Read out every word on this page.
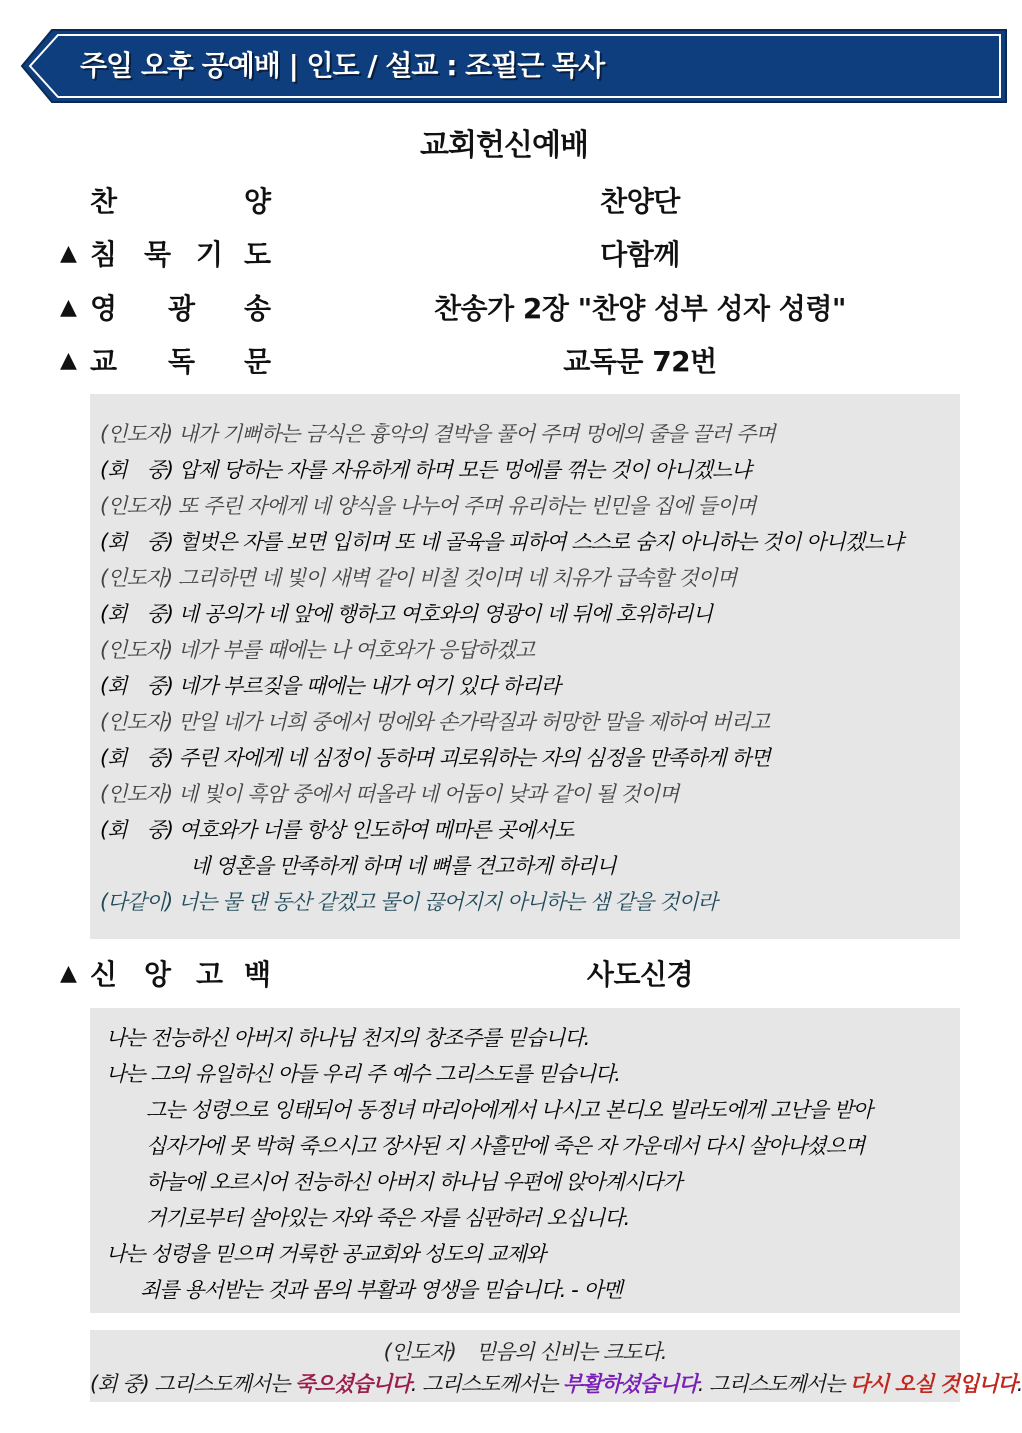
주일 오후 공예배 | 인도 / 설교 : 조필근 목사
교회헌신예배
찬	양	찬양단
▲ 침 묵 기 도	다함께
▲ 영 광 송	찬송가 2장 "찬양 성부 성자 성령"
▲ 교 독 문	교독문 72번
(인도자) 내가 기뻐하는 금식은 흉악의 결박을 풀어 주며 멍에의 줄을 끌러 주며
(회　중) 압제 당하는 자를 자유하게 하며 모든 멍에를 꺾는 것이 아니겠느냐
(인도자) 또 주린 자에게 네 양식을 나누어 주며 유리하는 빈민을 집에 들이며
(회　중) 헐벗은 자를 보면 입히며 또 네 골육을 피하여 스스로 숨지 아니하는 것이 아니겠느냐
(인도자) 그리하면 네 빛이 새벽 같이 비칠 것이며 네 치유가 급속할 것이며
(회　중) 네 공의가 네 앞에 행하고 여호와의 영광이 네 뒤에 호위하리니
(인도자) 네가 부를 때에는 나 여호와가 응답하겠고
(회　중) 네가 부르짖을 때에는 내가 여기 있다 하리라
(인도자) 만일 네가 너희 중에서 멍에와 손가락질과 허망한 말을 제하여 버리고
(회　중) 주린 자에게 네 심정이 동하며 괴로워하는 자의 심정을 만족하게 하면
(인도자) 네 빛이 흑암 중에서 떠올라 네 어둠이 낮과 같이 될 것이며
(회　중) 여호와가 너를 항상 인도하여 메마른 곳에서도
네 영혼을 만족하게 하며 네 뼈를 견고하게 하리니
(다같이) 너는 물 댄 동산 같겠고 물이 끊어지지 아니하는 샘 같을 것이라
▲ 신 앙 고 백	사도신경
나는 전능하신 아버지 하나님 천지의 창조주를 믿습니다.
나는 그의 유일하신 아들 우리 주 예수 그리스도를 믿습니다.
그는 성령으로 잉태되어 동정녀 마리아에게서 나시고 본디오 빌라도에게 고난을 받아
십자가에 못 박혀 죽으시고 장사된 지 사흘만에 죽은 자 가운데서 다시 살아나셨으며
하늘에 오르시어 전능하신 아버지 하나님 우편에 앉아계시다가
거기로부터 살아있는 자와 죽은 자를 심판하러 오십니다.
나는 성령을 믿으며 거룩한 공교회와 성도의 교제와
죄를 용서받는 것과 몸의 부활과 영생을 믿습니다. - 아멘
(인도자)　믿음의 신비는 크도다.
(회 중) 그리스도께서는 죽으셨습니다. 그리스도께서는 부활하셨습니다. 그리스도께서는 다시 오실 것입니다.
